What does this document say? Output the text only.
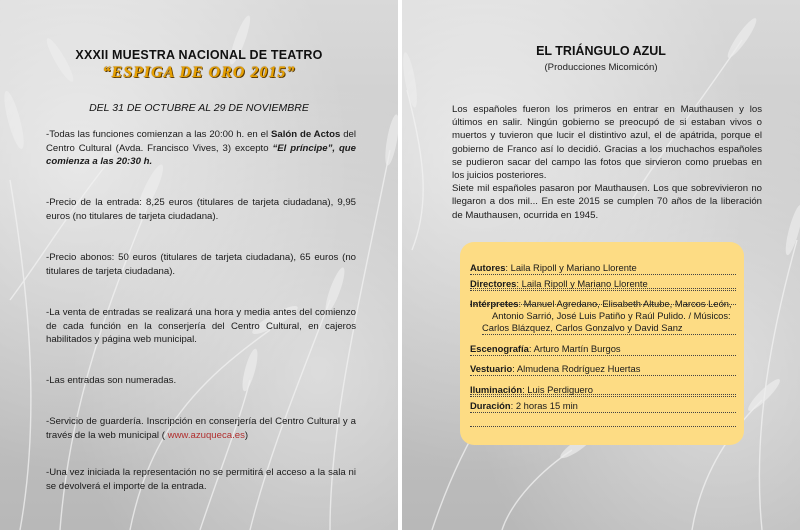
XXXII MUESTRA NACIONAL DE TEATRO
“ESPIGA DE ORO 2015”
DEL 31 DE OCTUBRE AL 29 DE NOVIEMBRE
-Todas las funciones comienzan a las 20:00 h. en el Salón de Actos del Centro Cultural (Avda. Francisco Vives, 3) excepto “El príncipe”, que comienza a las 20:30 h.
-Precio de la entrada: 8,25 euros (titulares de tarjeta ciudadana), 9,95 euros (no titulares de tarjeta ciudadana).
-Precio abonos: 50 euros (titulares de tarjeta ciudadana), 65 euros (no titulares de tarjeta ciudadana).
-La venta de entradas se realizará una hora y media antes del comienzo de cada función en la conserjería del Centro Cultural, en cajeros habilitados y página web municipal.
-Las entradas son numeradas.
-Servicio de guardería. Inscripción en conserjería del Centro Cultural y a través de la web municipal ( www.azuqueca.es)
-Una vez iniciada la representación no se permitirá el acceso a la sala ni se devolverá el importe de la entrada.
EL TRIÁNGULO AZUL
(Producciones Micomicón)
Los españoles fueron los primeros en entrar en Mauthausen y los últimos en salir. Ningún gobierno se preocupó de si estaban vivos o muertos y tuvieron que lucir el distintivo azul, el de apátrida, porque el gobierno de Franco así lo decidió. Gracias a los muchachos españoles se pudieron sacar del campo las fotos que sirvieron como pruebas en los juicios posteriores.
Siete mil españoles pasaron por Mauthausen. Los que sobrevivieron no llegaron a dos mil... En este 2015 se cumplen 70 años de la liberación de Mauthausen, ocurrida en 1945.
Autores: Laila Ripoll y Mariano Llorente
Directores: Laila Ripoll y Mariano Llorente
Intérpretes: Manuel Agredano, Elisabeth Altube, Marcos León,
Antonio Sarrió, José Luis Patiño y Raúl Pulido. / Músicos:
Carlos Blázquez, Carlos Gonzalvo y David Sanz
Escenografía: Arturo Martín Burgos
Vestuario: Almudena Rodríguez Huertas
Iluminación: Luis Perdiguero
Duración: 2 horas 15 min
